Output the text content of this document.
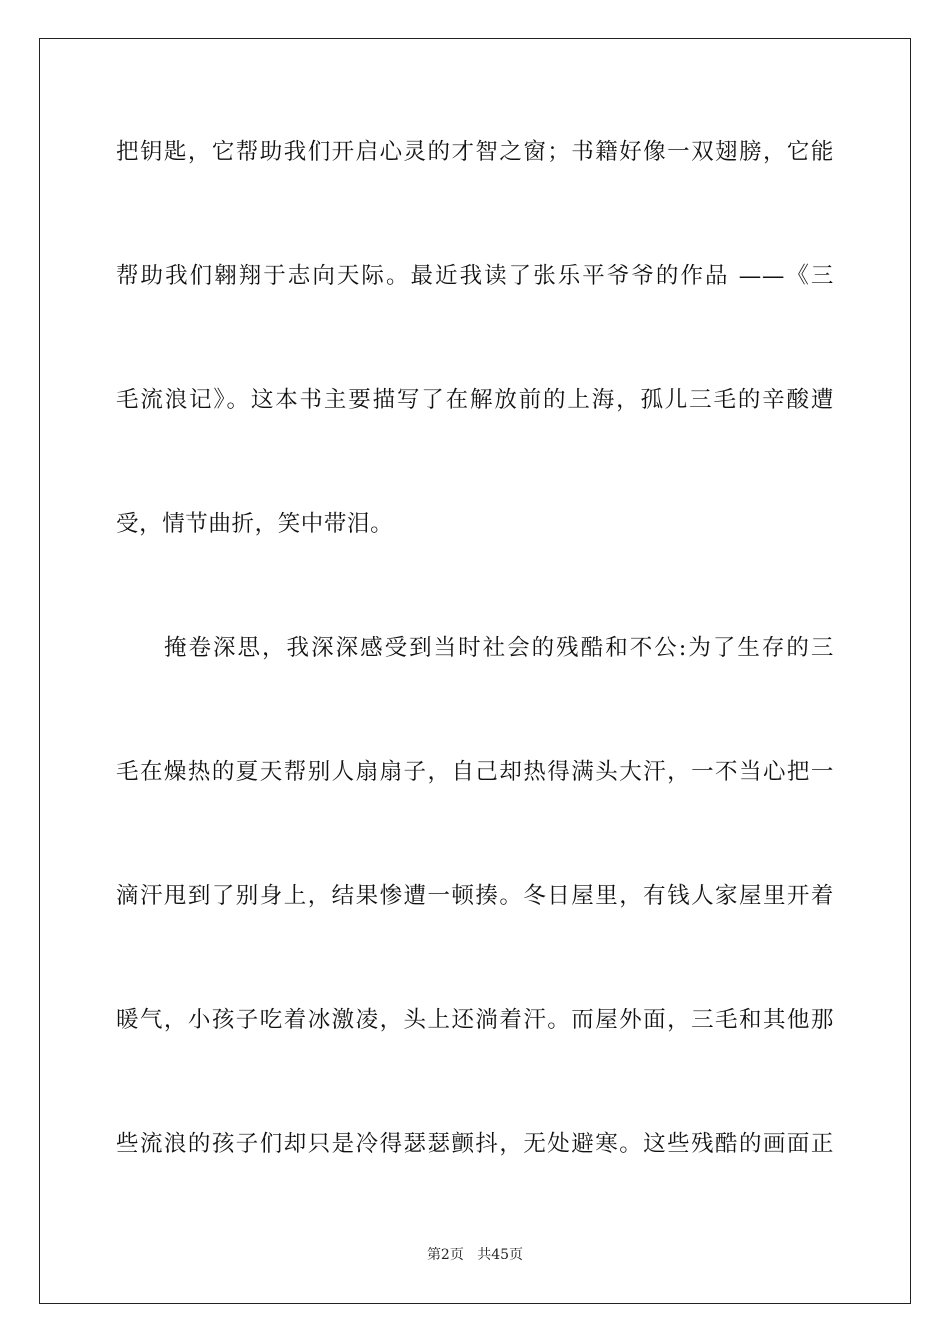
把钥匙，它帮助我们开启心灵的才智之窗；书籍好像一双翅膀，它能
帮助我们翱翔于志向天际。最近我读了张乐平爷爷的作品 ——《三
毛流浪记》。这本书主要描写了在解放前的上海，孤儿三毛的辛酸遭
受，情节曲折，笑中带泪。
掩卷深思，我深深感受到当时社会的残酷和不公:为了生存的三
毛在燥热的夏天帮别人扇扇子，自己却热得满头大汗，一不当心把一
滴汗甩到了别身上，结果惨遭一顿揍。冬日屋里，有钱人家屋里开着
暖气，小孩子吃着冰激凌，头上还淌着汗。而屋外面，三毛和其他那
些流浪的孩子们却只是冷得瑟瑟颤抖，无处避寒。这些残酷的画面正
第2页 共45页
